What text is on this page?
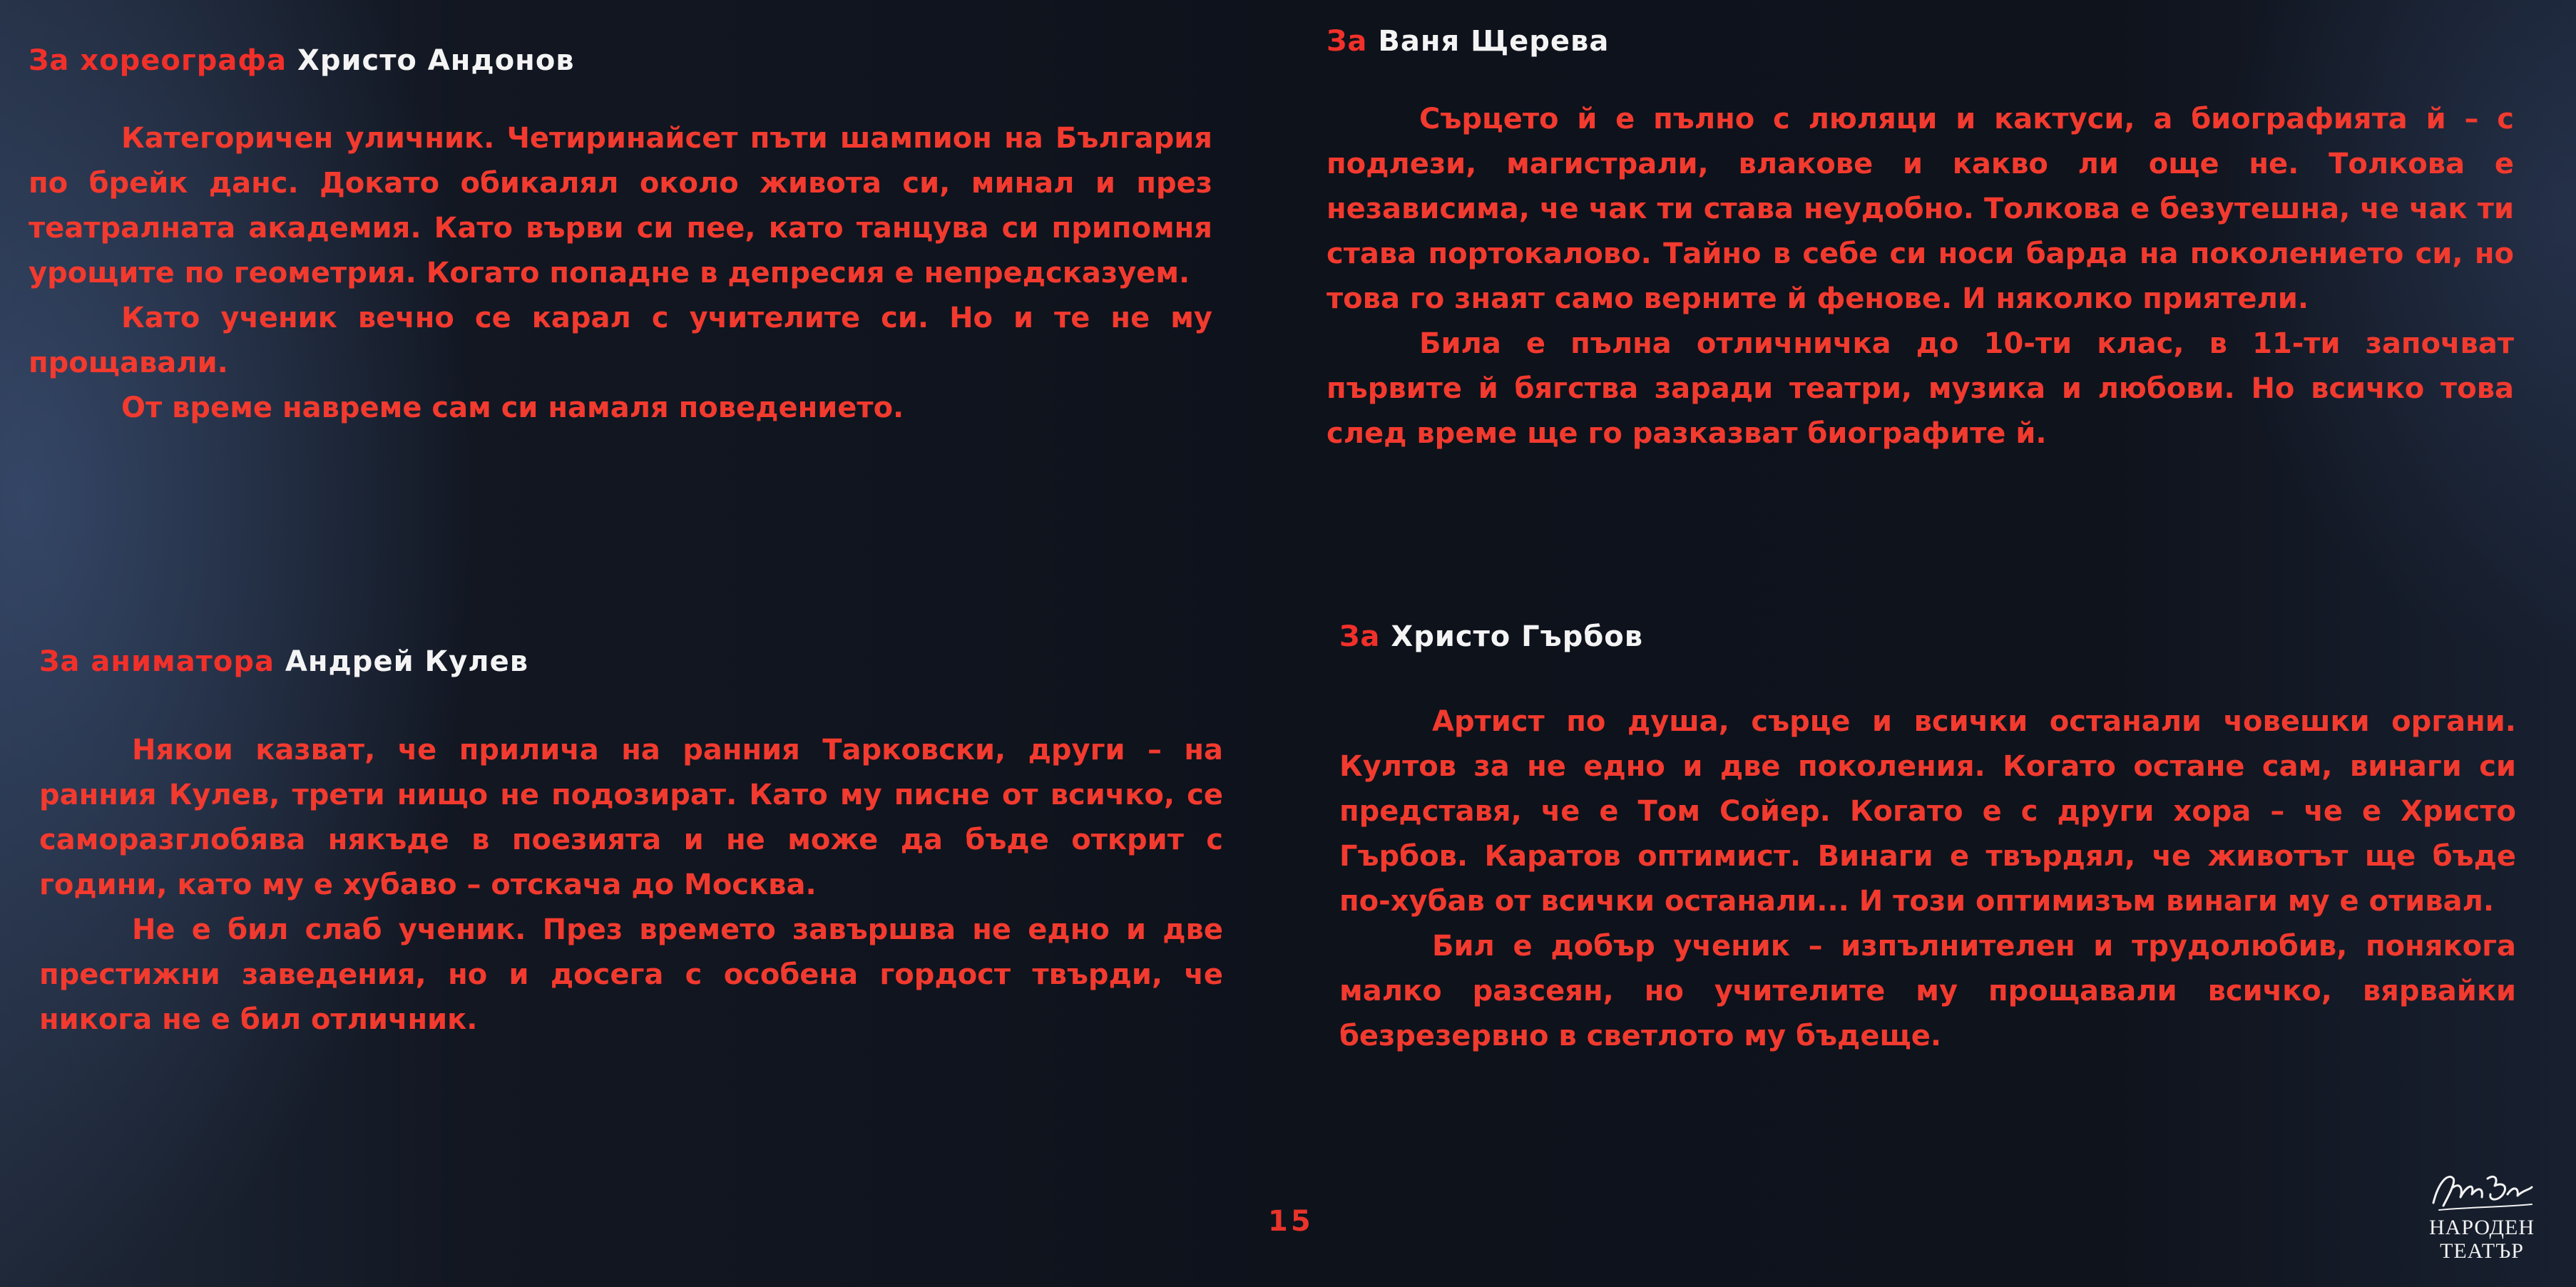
За хореографа Христо Андонов

Категоричен уличник. Четиринайсет пъти шампион на България по брейк данс. Докато обикалял около живота си, минал и през театралната академия. Като върви си пее, като танцува си припомня урощите по геометрия. Когато попадне в депресия е непредсказуем.

Като ученик вечно се карал с учителите си. Но и те не му прощавали.

От време навреме сам си намаля поведението.

За аниматора Андрей Кулев

Някои казват, че прилича на ранния Тарковски, други – на ранния Кулев, трети нищо не подозират. Като му писне от всичко, се саморазглобява някъде в поезията и не може да бъде открит с години, като му е хубаво – отскача до Москва.

Не е бил слаб ученик. През времето завършва не едно и две престижни заведения, но и досега с особена гордост твърди, че никога не е бил отличник.

За Ваня Щерева

Сърцето й е пълно с люляци и кактуси, а биографията й – с подлези, магистрали, влакове и какво ли още не. Толкова е независима, че чак ти става неудобно. Толкова е безутешна, че чак ти става портокалово. Тайно в себе си носи барда на поколението си, но това го знаят само верните й фенове. И няколко приятели.

Била е пълна отличничка до 10-ти клас, в 11-ти започват първите й бягства заради театри, музика и любови. Но всичко това след време ще го разказват биографите й.

За Христо Гърбов

Артист по душа, сърце и всички останали човешки органи. Култов за не едно и две поколения. Когато остане сам, винаги си представя, че е Том Сойер. Когато е с други хора – че е Христо Гърбов. Каратов оптимист. Винаги е твърдял, че животът ще бъде по-хубав от всички останали... И този оптимизъм винаги му е отивал.

Бил е добър ученик – изпълнителен и трудолюбив, понякога малко разсеян, но учителите му прощавали всичко, вярвайки безрезервно в светлото му бъдеще.

15	НАРОДЕН
ТЕАТЪР
